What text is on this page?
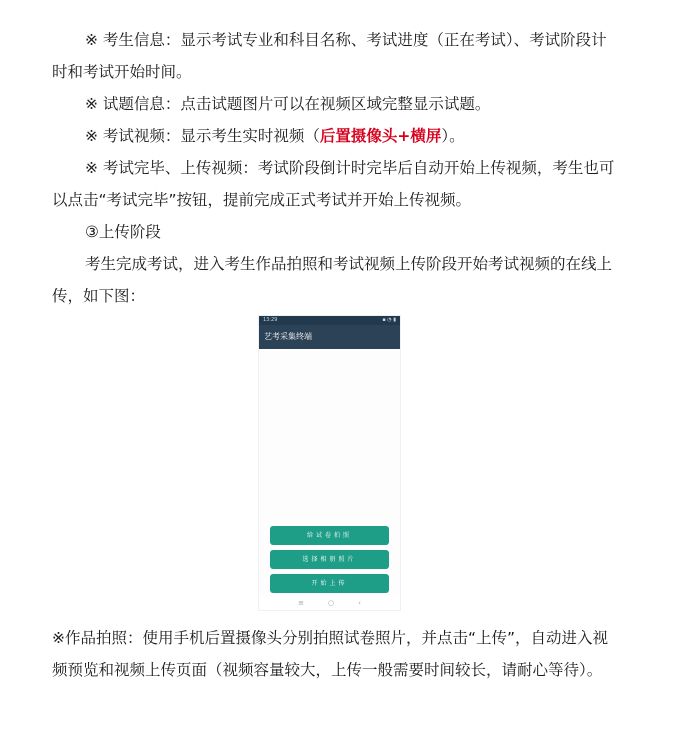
※ 考生信息：显示考试专业和科目名称、考试进度（正在考试）、考试阶段计时和考试开始时间。

※ 试题信息：点击试题图片可以在视频区域完整显示试题。

※ 考试视频：显示考生实时视频（后置摄像头+横屏）。

※ 考试完毕、上传视频：考试阶段倒计时完毕后自动开始上传视频，考生也可以点击“考试完毕”按钮，提前完成正式考试并开始上传视频。

③上传阶段

考生完成考试，进入考生作品拍照和考试视频上传阶段开始考试视频的在线上传，如下图：

13:29	▪ ◔ ▮
艺考采集终端
给试卷拍照
选择相册照片
开始上传
≡	○	‹

※作品拍照：使用手机后置摄像头分别拍照试卷照片，并点击“上传”，自动进入视频预览和视频上传页面（视频容量较大，上传一般需要时间较长，请耐心等待）。
